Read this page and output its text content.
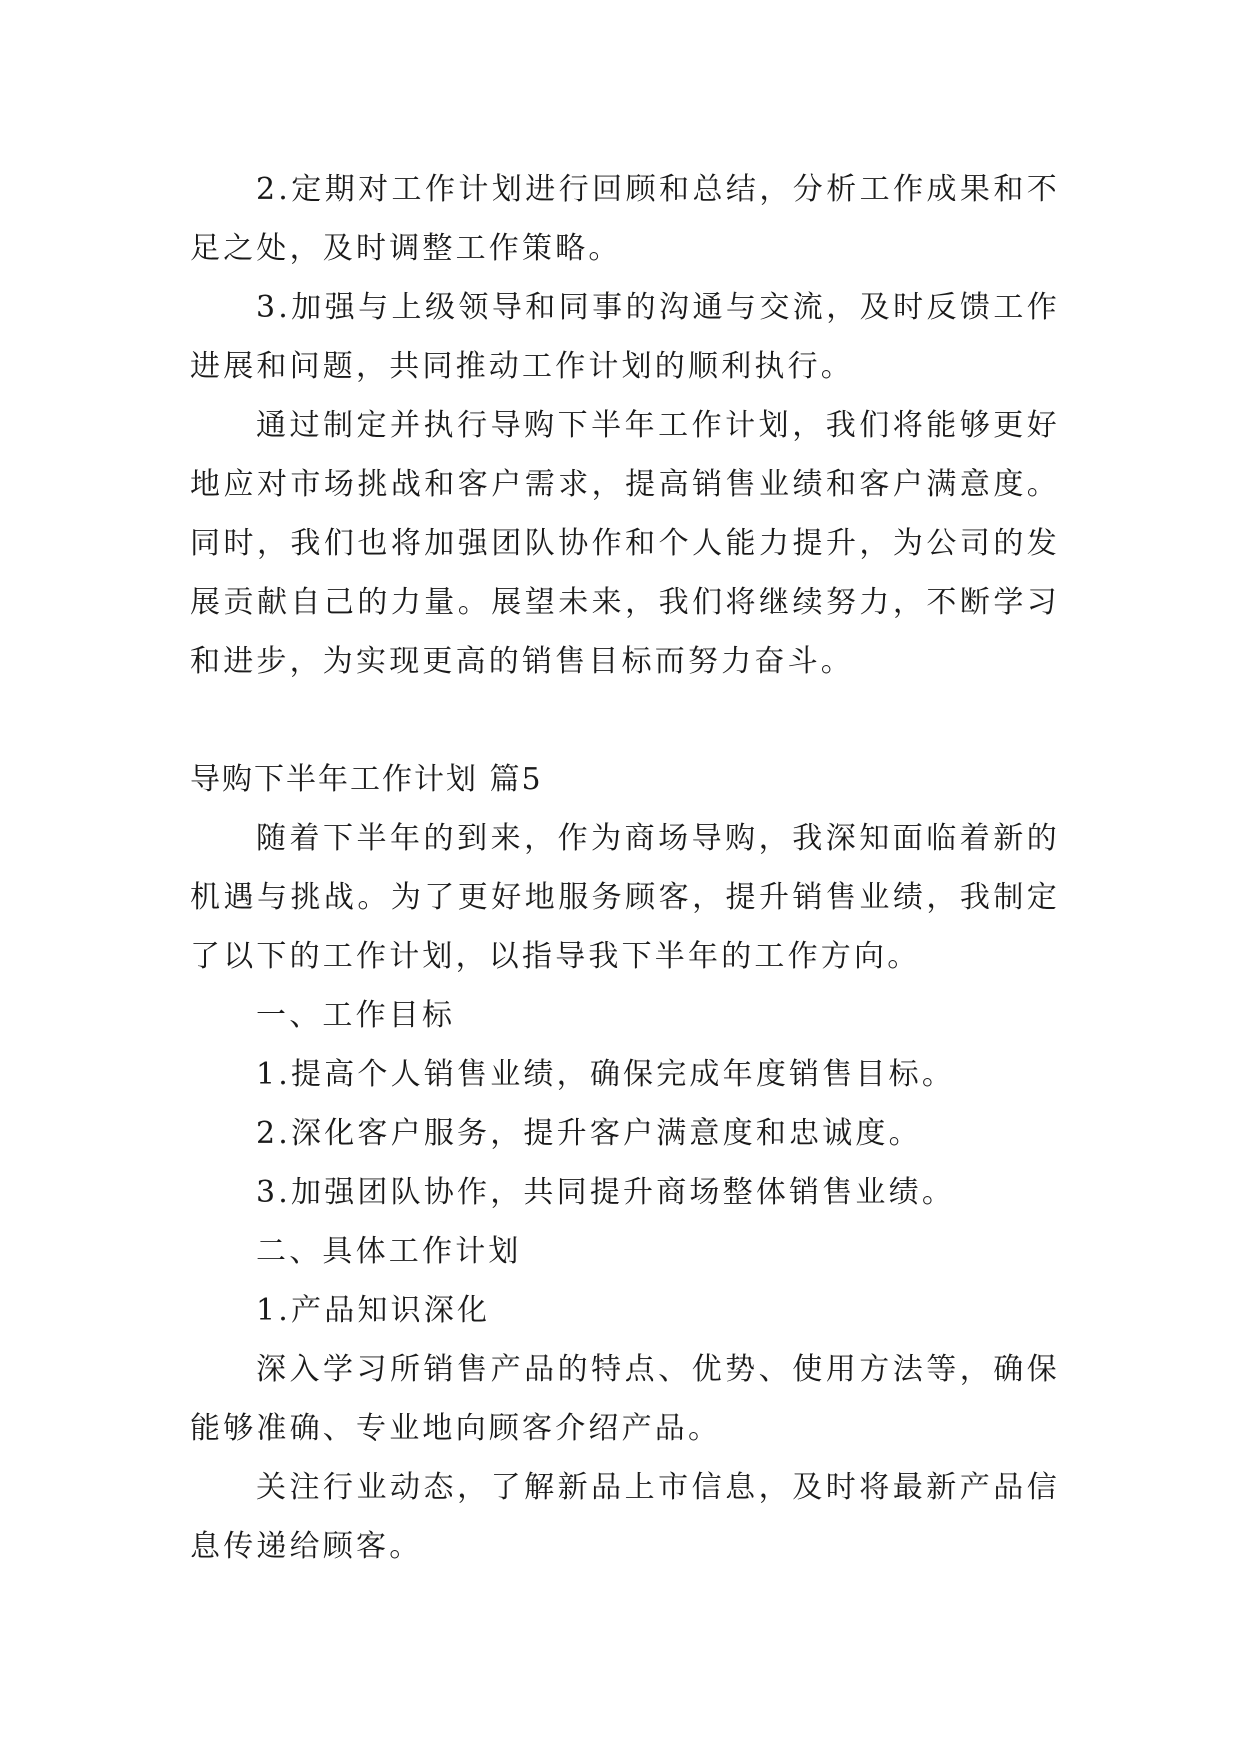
2.定期对工作计划进行回顾和总结，分析工作成果和不足之处，及时调整工作策略。

3.加强与上级领导和同事的沟通与交流，及时反馈工作进展和问题，共同推动工作计划的顺利执行。

通过制定并执行导购下半年工作计划，我们将能够更好地应对市场挑战和客户需求，提高销售业绩和客户满意度。同时，我们也将加强团队协作和个人能力提升，为公司的发展贡献自己的力量。展望未来，我们将继续努力，不断学习和进步，为实现更高的销售目标而努力奋斗。

导购下半年工作计划 篇5

随着下半年的到来，作为商场导购，我深知面临着新的机遇与挑战。为了更好地服务顾客，提升销售业绩，我制定了以下的工作计划，以指导我下半年的工作方向。

一、工作目标

1.提高个人销售业绩，确保完成年度销售目标。

2.深化客户服务，提升客户满意度和忠诚度。

3.加强团队协作，共同提升商场整体销售业绩。

二、具体工作计划

1.产品知识深化

深入学习所销售产品的特点、优势、使用方法等，确保能够准确、专业地向顾客介绍产品。

关注行业动态，了解新品上市信息，及时将最新产品信息传递给顾客。
